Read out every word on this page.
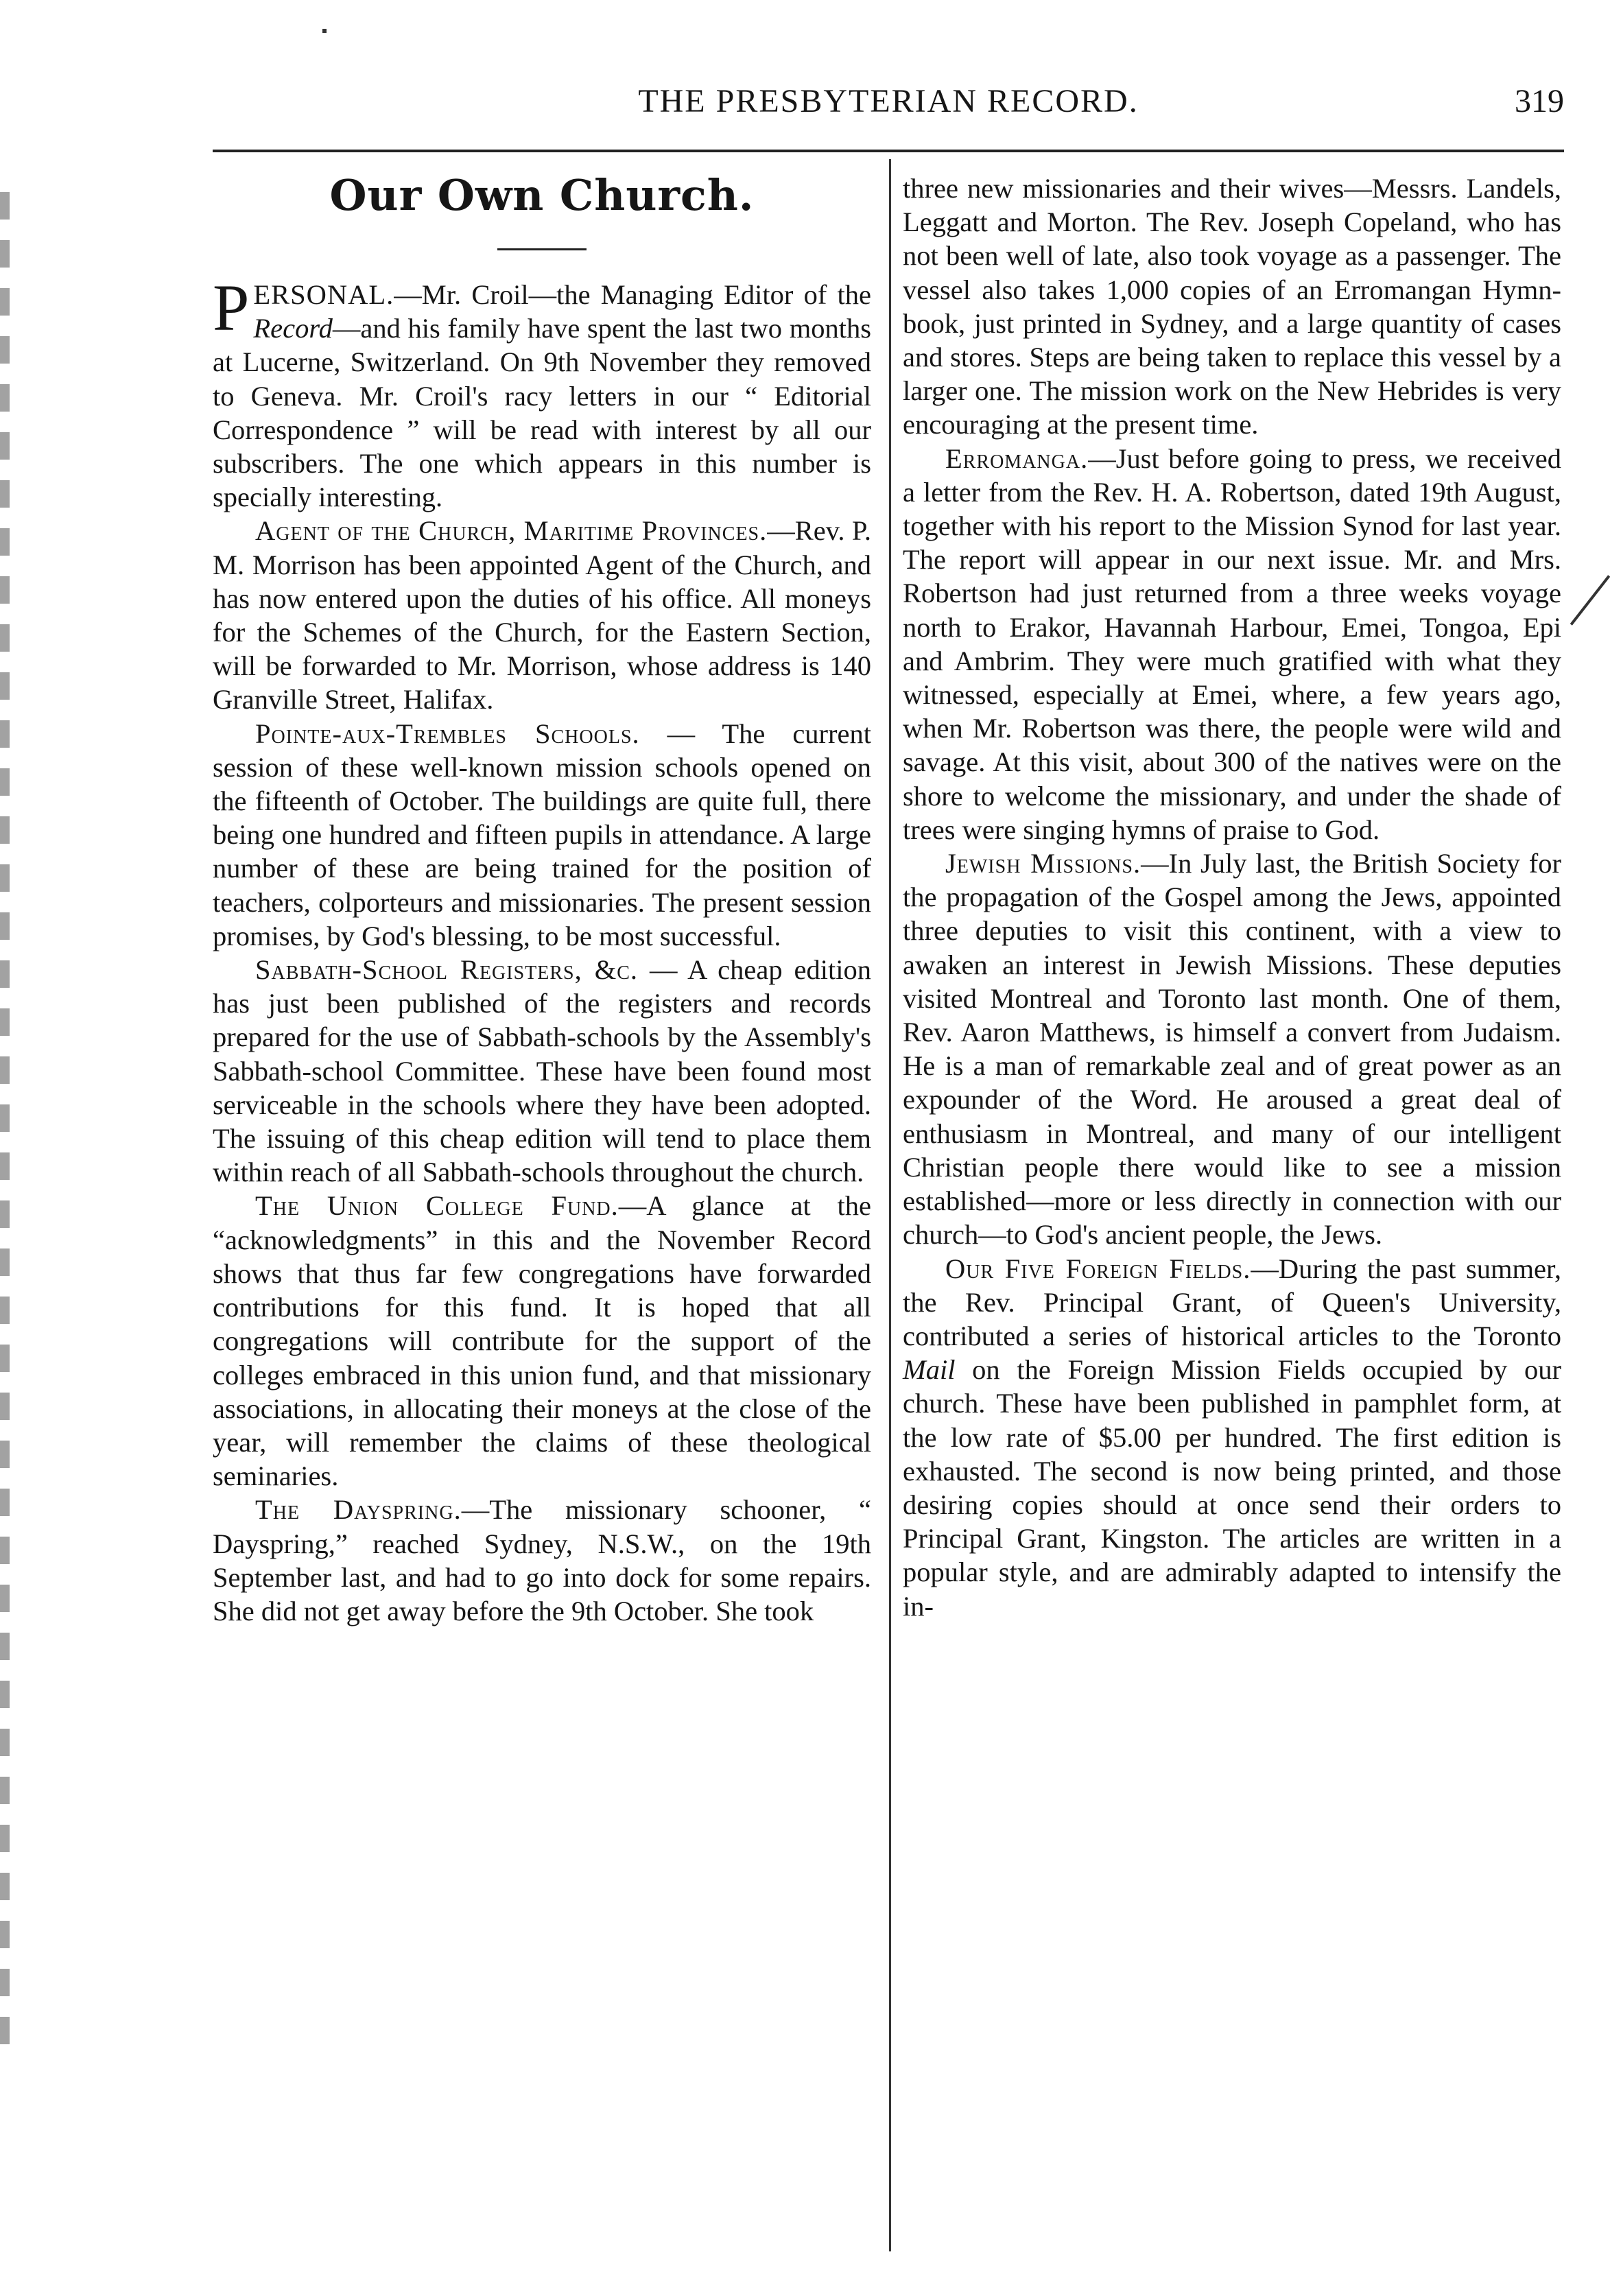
THE PRESBYTERIAN RECORD.	319
Our Own Church.

PERSONAL.—Mr. Croil—the Managing Editor of the Record—and his family have spent the last two months at Lucerne, Switzerland. On 9th November they removed to Geneva. Mr. Croil's racy letters in our “ Editorial Correspondence ” will be read with interest by all our subscribers. The one which appears in this number is specially interesting.

Agent of the Church, Maritime Provinces.—Rev. P. M. Morrison has been appointed Agent of the Church, and has now entered upon the duties of his office. All moneys for the Schemes of the Church, for the Eastern Section, will be forwarded to Mr. Morrison, whose address is 140 Granville Street, Halifax.

Pointe-aux-Trembles Schools. — The current session of these well-known mission schools opened on the fifteenth of October. The buildings are quite full, there being one hundred and fifteen pupils in attendance. A large number of these are being trained for the position of teachers, colporteurs and missionaries. The present session promises, by God's blessing, to be most successful.

Sabbath-School Registers, &c. — A cheap edition has just been published of the registers and records prepared for the use of Sabbath-schools by the Assembly's Sabbath-school Committee. These have been found most serviceable in the schools where they have been adopted. The issuing of this cheap edition will tend to place them within reach of all Sabbath-schools throughout the church.

The Union College Fund.—A glance at the “acknowledgments” in this and the November Record shows that thus far few congregations have forwarded contributions for this fund. It is hoped that all congregations will contribute for the support of the colleges embraced in this union fund, and that missionary associations, in allocating their moneys at the close of the year, will remember the claims of these theological seminaries.

The Dayspring.—The missionary schooner, “ Dayspring,” reached Sydney, N.S.W., on the 19th September last, and had to go into dock for some repairs. She did not get away before the 9th October. She took

three new missionaries and their wives—Messrs. Landels, Leggatt and Morton. The Rev. Joseph Copeland, who has not been well of late, also took voyage as a passenger. The vessel also takes 1,000 copies of an Erromangan Hymn-book, just printed in Sydney, and a large quantity of cases and stores. Steps are being taken to replace this vessel by a larger one. The mission work on the New Hebrides is very encouraging at the present time.

Erromanga.—Just before going to press, we received a letter from the Rev. H. A. Robertson, dated 19th August, together with his report to the Mission Synod for last year. The report will appear in our next issue. Mr. and Mrs. Robertson had just returned from a three weeks voyage north to Erakor, Havannah Harbour, Emei, Tongoa, Epi and Ambrim. They were much gratified with what they witnessed, especially at Emei, where, a few years ago, when Mr. Robertson was there, the people were wild and savage. At this visit, about 300 of the natives were on the shore to welcome the missionary, and under the shade of trees were singing hymns of praise to God.

Jewish Missions.—In July last, the British Society for the propagation of the Gospel among the Jews, appointed three deputies to visit this continent, with a view to awaken an interest in Jewish Missions. These deputies visited Montreal and Toronto last month. One of them, Rev. Aaron Matthews, is himself a convert from Judaism. He is a man of remarkable zeal and of great power as an expounder of the Word. He aroused a great deal of enthusiasm in Montreal, and many of our intelligent Christian people there would like to see a mission established—more or less directly in connection with our church—to God's ancient people, the Jews.

Our Five Foreign Fields.—During the past summer, the Rev. Principal Grant, of Queen's University, contributed a series of historical articles to the Toronto Mail on the Foreign Mission Fields occupied by our church. These have been published in pamphlet form, at the low rate of $5.00 per hundred. The first edition is exhausted. The second is now being printed, and those desiring copies should at once send their orders to Principal Grant, Kingston. The articles are written in a popular style, and are admirably adapted to intensify the in-
